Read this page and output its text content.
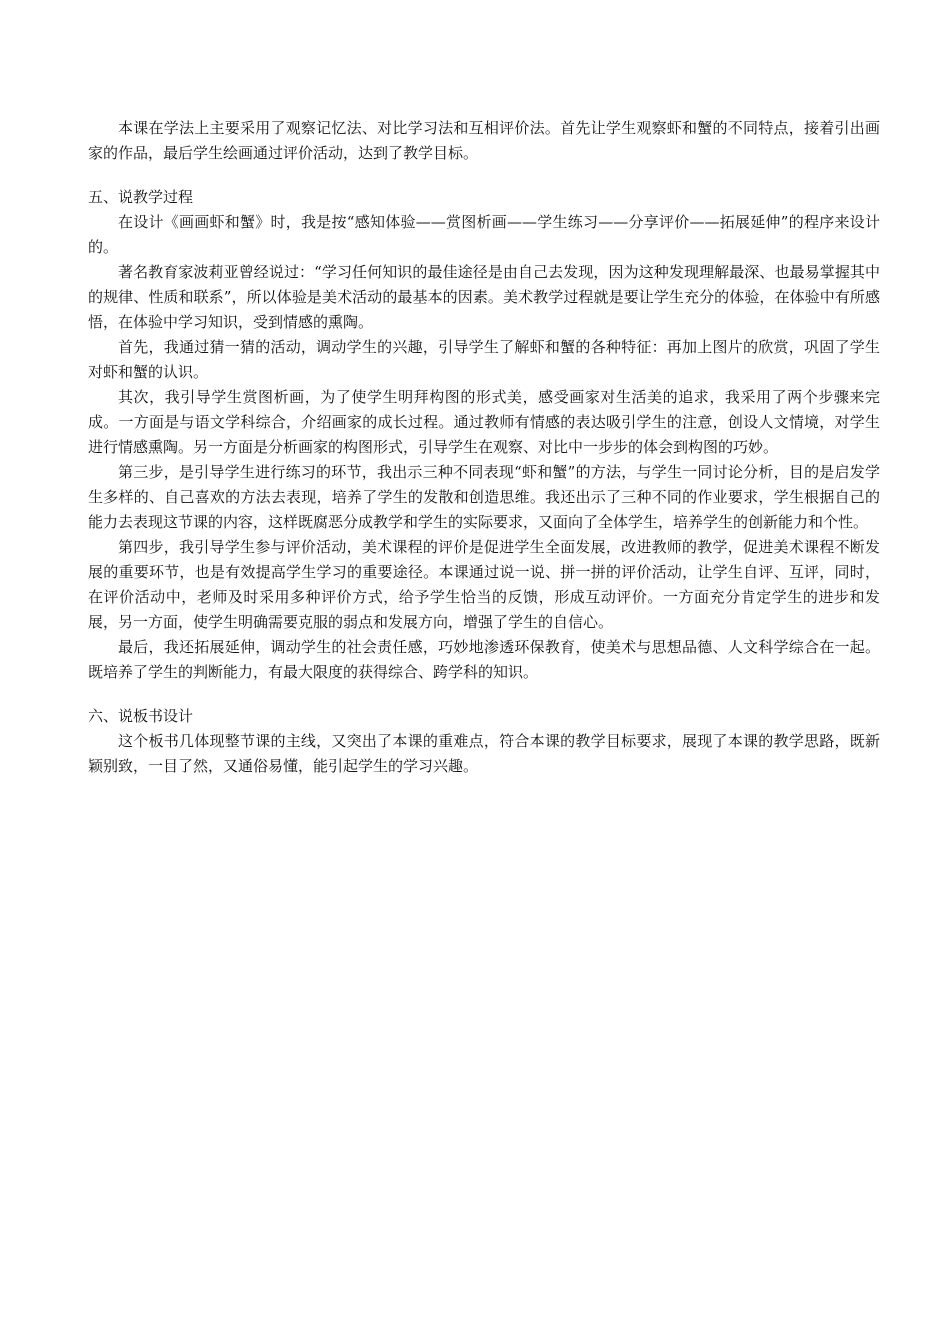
本课在学法上主要采用了观察记忆法、对比学习法和互相评价法。首先让学生观察虾和蟹的不同特点，接着引出画家的作品，最后学生绘画通过评价活动，达到了教学目标。

五、说教学过程

在设计《画画虾和蟹》时，我是按“感知体验——赏图析画——学生练习——分享评价——拓展延伸”的程序来设计的。

著名教育家波莉亚曾经说过：“学习任何知识的最佳途径是由自己去发现，因为这种发现理解最深、也最易掌握其中的规律、性质和联系”，所以体验是美术活动的最基本的因素。美术教学过程就是要让学生充分的体验，在体验中有所感悟，在体验中学习知识，受到情感的熏陶。

首先，我通过猜一猜的活动，调动学生的兴趣，引导学生了解虾和蟹的各种特征：再加上图片的欣赏，巩固了学生对虾和蟹的认识。

其次，我引导学生赏图析画，为了使学生明拜构图的形式美，感受画家对生活美的追求，我采用了两个步骤来完成。一方面是与语文学科综合，介绍画家的成长过程。通过教师有情感的表达吸引学生的注意，创设人文情境，对学生进行情感熏陶。另一方面是分析画家的构图形式，引导学生在观察、对比中一步步的体会到构图的巧妙。

第三步，是引导学生进行练习的环节，我出示三种不同表现“虾和蟹”的方法，与学生一同讨论分析，目的是启发学生多样的、自己喜欢的方法去表现，培养了学生的发散和创造思维。我还出示了三种不同的作业要求，学生根据自己的能力去表现这节课的内容，这样既腐恶分成教学和学生的实际要求，又面向了全体学生，培养学生的创新能力和个性。

第四步，我引导学生参与评价活动，美术课程的评价是促进学生全面发展，改进教师的教学，促进美术课程不断发展的重要环节，也是有效提高学生学习的重要途径。本课通过说一说、拼一拼的评价活动，让学生自评、互评，同时，在评价活动中，老师及时采用多种评价方式，给予学生恰当的反馈，形成互动评价。一方面充分肯定学生的进步和发展，另一方面，使学生明确需要克服的弱点和发展方向，增强了学生的自信心。

最后，我还拓展延伸，调动学生的社会责任感，巧妙地渗透环保教育，使美术与思想品德、人文科学综合在一起。既培养了学生的判断能力，有最大限度的获得综合、跨学科的知识。

六、说板书设计

这个板书几体现整节课的主线，又突出了本课的重难点，符合本课的教学目标要求，展现了本课的教学思路，既新颖别致，一目了然，又通俗易懂，能引起学生的学习兴趣。
